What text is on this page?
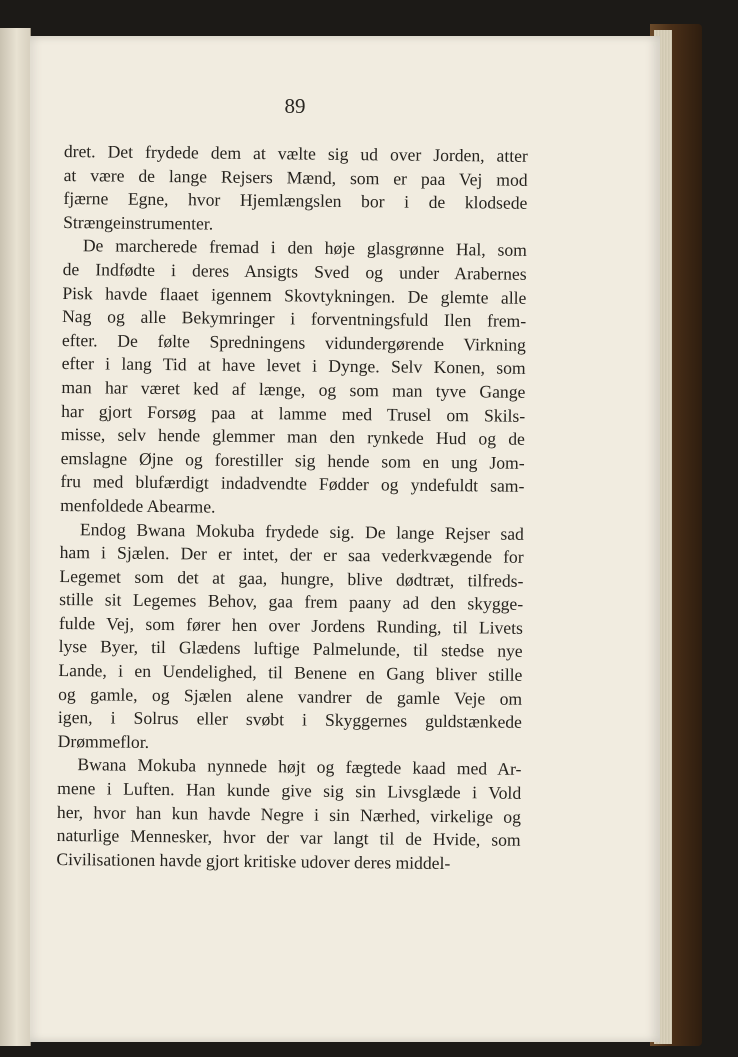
89
dret. Det frydede dem at vælte sig ud over Jorden, atter
at være de lange Rejsers Mænd, som er paa Vej mod
fjærne Egne, hvor Hjemlængslen bor i de klodsede
Strængeinstrumenter.
De marcherede fremad i den høje glasgrønne Hal, som
de Indfødte i deres Ansigts Sved og under Arabernes
Pisk havde flaaet igennem Skovtykningen. De glemte alle
Nag og alle Bekymringer i forventningsfuld Ilen frem-
efter. De følte Spredningens vidundergørende Virkning
efter i lang Tid at have levet i Dynge. Selv Konen, som
man har været ked af længe, og som man tyve Gange
har gjort Forsøg paa at lamme med Trusel om Skils-
misse, selv hende glemmer man den rynkede Hud og de
emslagne Øjne og forestiller sig hende som en ung Jom-
fru med blufærdigt indadvendte Fødder og yndefuldt sam-
menfoldede Abearme.
Endog Bwana Mokuba frydede sig. De lange Rejser sad
ham i Sjælen. Der er intet, der er saa vederkvægende for
Legemet som det at gaa, hungre, blive dødtræt, tilfreds-
stille sit Legemes Behov, gaa frem paany ad den skygge-
fulde Vej, som fører hen over Jordens Runding, til Livets
lyse Byer, til Glædens luftige Palmelunde, til stedse nye
Lande, i en Uendelighed, til Benene en Gang bliver stille
og gamle, og Sjælen alene vandrer de gamle Veje om
igen, i Solrus eller svøbt i Skyggernes guldstænkede
Drømmeflor.
Bwana Mokuba nynnede højt og fægtede kaad med Ar-
mene i Luften. Han kunde give sig sin Livsglæde i Vold
her, hvor han kun havde Negre i sin Nærhed, virkelige og
naturlige Mennesker, hvor der var langt til de Hvide, som
Civilisationen havde gjort kritiske udover deres middel-
